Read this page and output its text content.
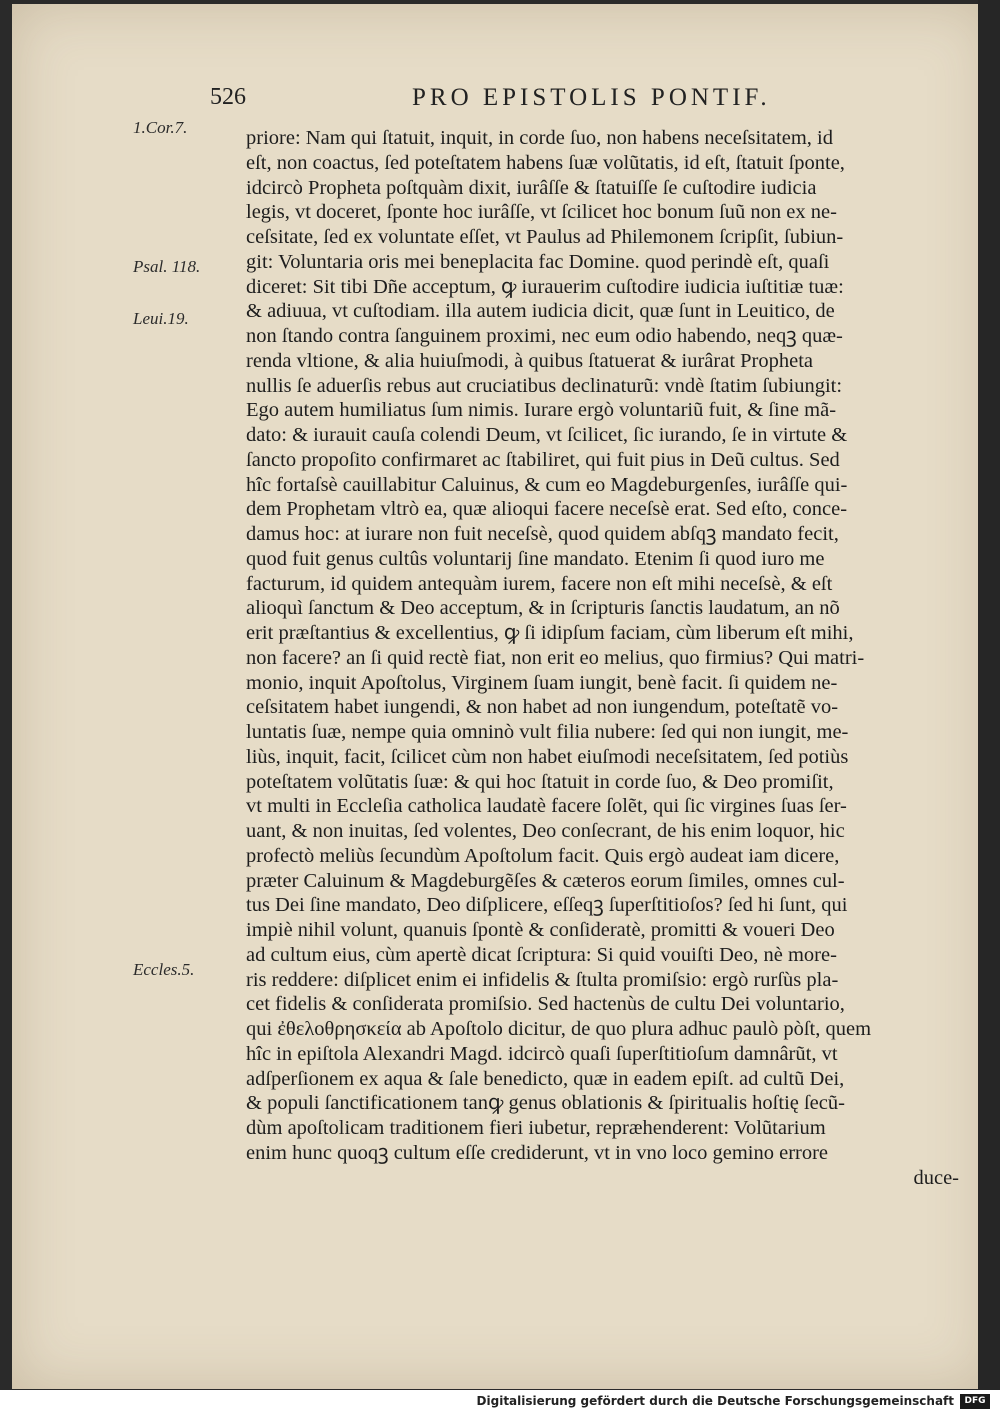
526	PRO EPISTOLIS PONTIF.
1.Cor.7.
Psal. 118.
Leui.19.
Eccles.5.
priore: Nam qui ſtatuit, inquit, in corde ſuo, non habens neceſsitatem, id
eſt, non coactus, ſed poteſtatem habens ſuæ volũtatis, id eſt, ſtatuit ſponte,
idcircò Propheta poſtquàm dixit, iurâſſe & ſtatuiſſe ſe cuſtodire iudicia
legis, vt doceret, ſponte hoc iurâſſe, vt ſcilicet hoc bonum ſuũ non ex ne-
ceſsitate, ſed ex voluntate eſſet, vt Paulus ad Philemonem ſcripſit, ſubiun-
git: Voluntaria oris mei beneplacita fac Domine. quod perindè eſt, quaſi
diceret: Sit tibi Dñe acceptum, ꝙ iurauerim cuſtodire iudicia iuſtitiæ tuæ:
& adiuua, vt cuſtodiam. illa autem iudicia dicit, quæ ſunt in Leuitico, de
non ſtando contra ſanguinem proximi, nec eum odio habendo, neqꝫ quæ-
renda vltione, & alia huiuſmodi, à quibus ſtatuerat & iurârat Propheta
nullis ſe aduerſis rebus aut cruciatibus declinaturũ: vndè ſtatim ſubiungit:
Ego autem humiliatus ſum nimis. Iurare ergò voluntariũ fuit, & ſine mã-
dato: & iurauit cauſa colendi Deum, vt ſcilicet, ſic iurando, ſe in virtute &
ſancto propoſito confirmaret ac ſtabiliret, qui fuit pius in Deũ cultus. Sed
hîc fortaſsè cauillabitur Caluinus, & cum eo Magdeburgenſes, iurâſſe qui-
dem Prophetam vltrò ea, quæ alioqui facere neceſsè erat. Sed eſto, conce-
damus hoc: at iurare non fuit neceſsè, quod quidem abſqꝫ mandato fecit,
quod fuit genus cultûs voluntarij ſine mandato. Etenim ſi quod iuro me
facturum, id quidem antequàm iurem, facere non eſt mihi neceſsè, & eſt
alioquì ſanctum & Deo acceptum, & in ſcripturis ſanctis laudatum, an nõ
erit præſtantius & excellentius, ꝙ ſi idipſum faciam, cùm liberum eſt mihi,
non facere? an ſi quid rectè fiat, non erit eo melius, quo firmius? Qui matri-
monio, inquit Apoſtolus, Virginem ſuam iungit, benè facit. ſi quidem ne-
ceſsitatem habet iungendi, & non habet ad non iungendum, poteſtatẽ vo-
luntatis ſuæ, nempe quia omninò vult filia nubere: ſed qui non iungit, me-
liùs, inquit, facit, ſcilicet cùm non habet eiuſmodi neceſsitatem, ſed potiùs
poteſtatem volũtatis ſuæ: & qui hoc ſtatuit in corde ſuo, & Deo promiſit,
vt multi in Eccleſia catholica laudatè facere ſolẽt, qui ſic virgines ſuas ſer-
uant, & non inuitas, ſed volentes, Deo conſecrant, de his enim loquor, hic
profectò meliùs ſecundùm Apoſtolum facit. Quis ergò audeat iam dicere,
præter Caluinum & Magdeburgẽſes & cæteros eorum ſimiles, omnes cul-
tus Dei ſine mandato, Deo diſplicere, eſſeqꝫ ſuperſtitioſos? ſed hi ſunt, qui
impiè nihil volunt, quanuis ſpontè & conſideratè, promitti & voueri Deo
ad cultum eius, cùm apertè dicat ſcriptura: Si quid vouiſti Deo, nè more-
ris reddere: diſplicet enim ei infidelis & ſtulta promiſsio: ergò rurſùs pla-
cet fidelis & conſiderata promiſsio. Sed hactenùs de cultu Dei voluntario,
qui ἐθελοθρησκεία ab Apoſtolo dicitur, de quo plura adhuc paulò pòſt, quem
hîc in epiſtola Alexandri Magd. idcircò quaſi ſuperſtitioſum damnârũt, vt
adſperſionem ex aqua & ſale benedicto, quæ in eadem epiſt. ad cultũ Dei,
& populi ſanctificationem tanꝙ genus oblationis & ſpiritualis hoſtię ſecũ-
dùm apoſtolicam traditionem fieri iubetur, repræhenderent: Volũtarium
enim hunc quoqꝫ cultum eſſe crediderunt, vt in vno loco gemino errore
duce-
Digitalisierung gefördert durch die Deutsche Forschungsgemeinschaft	DFG
